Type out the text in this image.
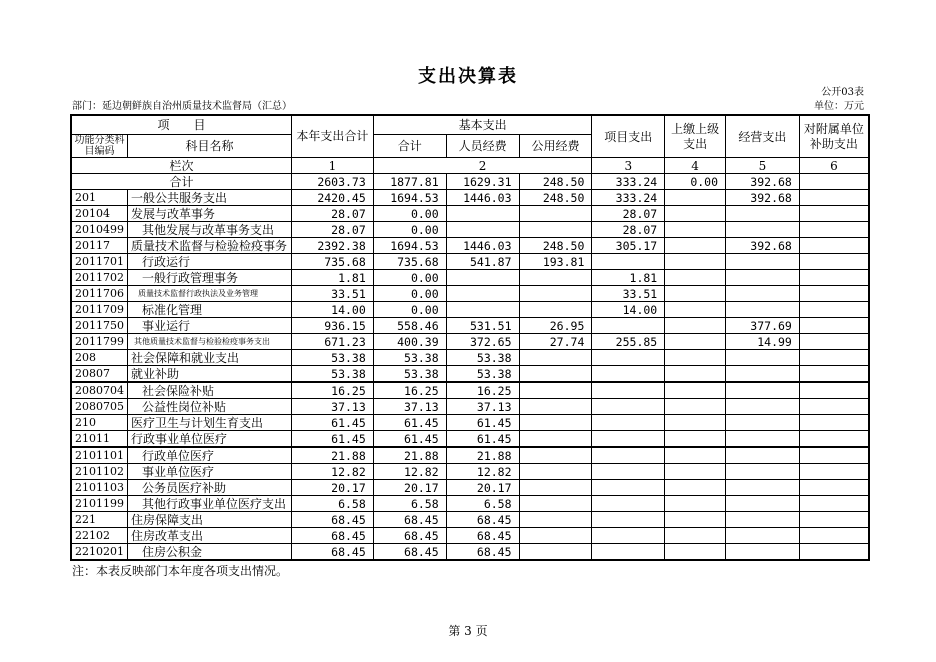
支出决算表
公开03表
部门：延边朝鲜族自治州质量技术监督局（汇总）	单位：万元
项　　目		本年支出合计	基本支出			项目支出	上缴上级支出	经营支出	对附属单位补助支出
功能分类科目编码	科目名称		合计	人员经费	公用经费				
栏次		1	2			3	4	5	6
合计		2603.73	1877.81	1629.31	248.50	333.24	0.00	392.68	
201	一般公共服务支出	2420.45	1694.53	1446.03	248.50	333.24		392.68	
20104	发展与改革事务	28.07	0.00			28.07			
2010499	其他发展与改革事务支出	28.07	0.00			28.07			
20117	质量技术监督与检验检疫事务	2392.38	1694.53	1446.03	248.50	305.17		392.68	
2011701	行政运行	735.68	735.68	541.87	193.81				
2011702	一般行政管理事务	1.81	0.00			1.81			
2011706	质量技术监督行政执法及业务管理	33.51	0.00			33.51			
2011709	标准化管理	14.00	0.00			14.00			
2011750	事业运行	936.15	558.46	531.51	26.95			377.69	
2011799	其他质量技术监督与检验检疫事务支出	671.23	400.39	372.65	27.74	255.85		14.99	
208	社会保障和就业支出	53.38	53.38	53.38					
20807	就业补助	53.38	53.38	53.38					
2080704	社会保险补贴	16.25	16.25	16.25					
2080705	公益性岗位补贴	37.13	37.13	37.13					
210	医疗卫生与计划生育支出	61.45	61.45	61.45					
21011	行政事业单位医疗	61.45	61.45	61.45					
2101101	行政单位医疗	21.88	21.88	21.88					
2101102	事业单位医疗	12.82	12.82	12.82					
2101103	公务员医疗补助	20.17	20.17	20.17					
2101199	其他行政事业单位医疗支出	6.58	6.58	6.58					
221	住房保障支出	68.45	68.45	68.45					
22102	住房改革支出	68.45	68.45	68.45					
2210201	住房公积金	68.45	68.45	68.45					
注：本表反映部门本年度各项支出情况。
第 3 页
